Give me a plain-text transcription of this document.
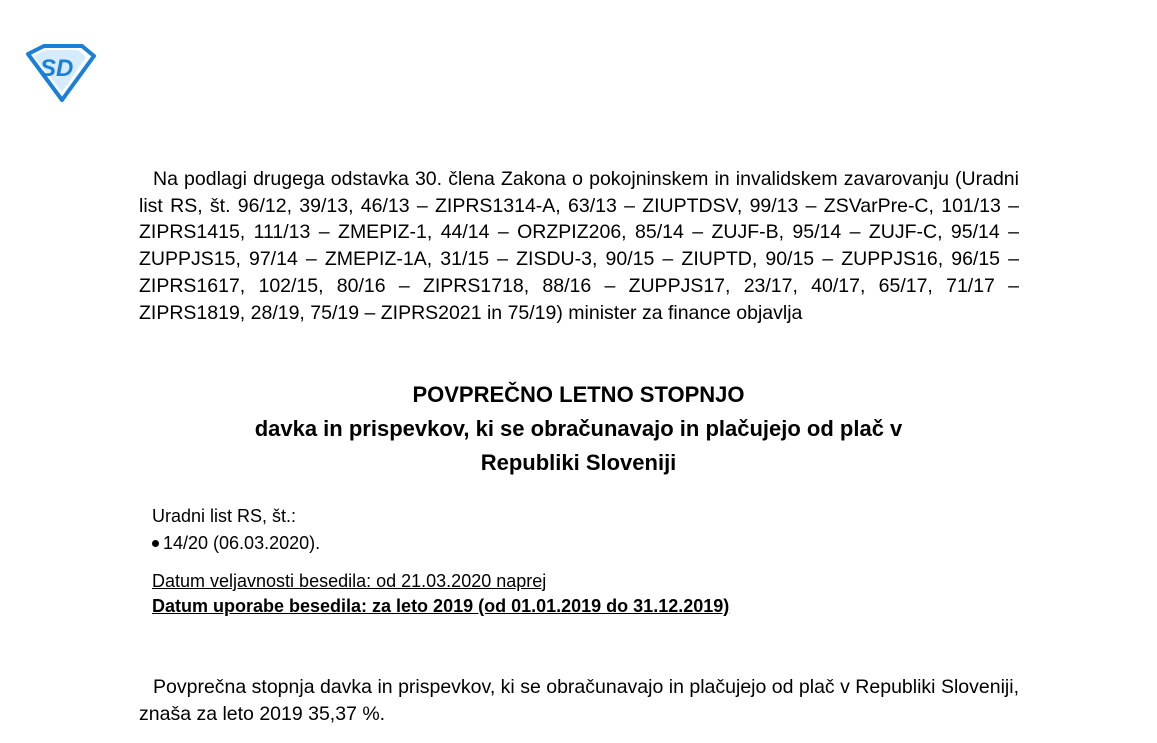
SD

Na podlagi drugega odstavka 30. člena Zakona o pokojninskem in invalidskem zavarovanju (Uradni list RS, št. 96/12, 39/13, 46/13 – ZIPRS1314-A, 63/13 – ZIUPTDSV, 99/13 – ZSVarPre-C, 101/13 – ZIPRS1415, 111/13 – ZMEPIZ-1, 44/14 – ORZPIZ206, 85/14 – ZUJF-B, 95/14 – ZUJF-C, 95/14 – ZUPPJS15, 97/14 – ZMEPIZ-1A, 31/15 – ZISDU-3, 90/15 – ZIUPTD, 90/15 – ZUPPJS16, 96/15 – ZIPRS1617, 102/15, 80/16 – ZIPRS1718, 88/16 – ZUPPJS17, 23/17, 40/17, 65/17, 71/17 – ZIPRS1819, 28/19, 75/19 – ZIPRS2021 in 75/19) minister za finance objavlja

POVPREČNO LETNO STOPNJO
davka in prispevkov, ki se obračunavajo in plačujejo od plač v
Republiki Sloveniji
Uradni list RS, št.:
14/20 (06.03.2020).
Datum veljavnosti besedila: od 21.03.2020 naprej
Datum uporabe besedila: za leto 2019 (od 01.01.2019 do 31.12.2019)

Povprečna stopnja davka in prispevkov, ki se obračunavajo in plačujejo od plač v Republiki Sloveniji, znaša za leto 2019 35,37 %.
